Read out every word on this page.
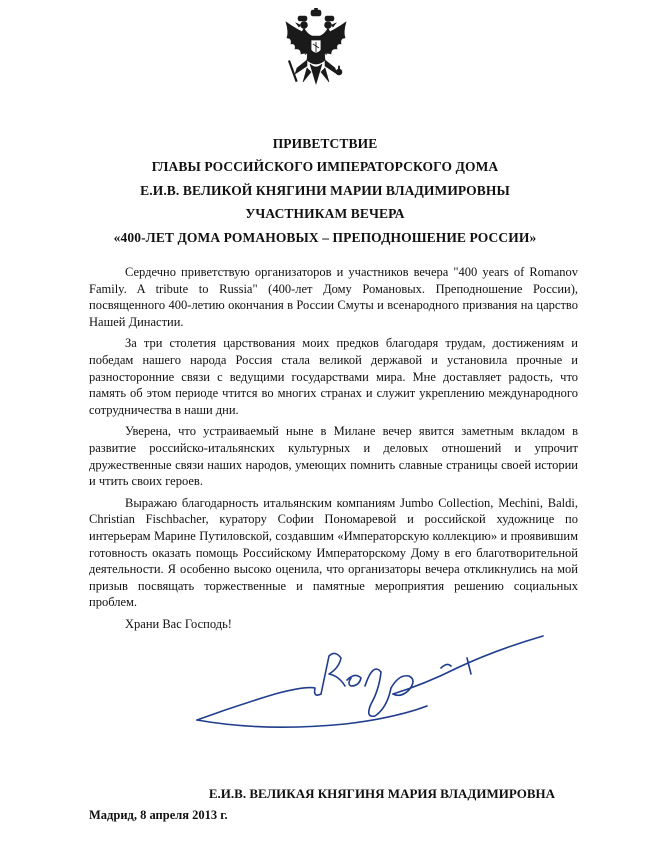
ПРИВЕТСТВИЕ
ГЛАВЫ РОССИЙСКОГО ИМПЕРАТОРСКОГО ДОМА
Е.И.В. ВЕЛИКОЙ КНЯГИНИ МАРИИ ВЛАДИМИРОВНЫ
УЧАСТНИКАМ ВЕЧЕРА
«400-ЛЕТ ДОМА РОМАНОВЫХ – ПРЕПОДНОШЕНИЕ РОССИИ»

Сердечно приветствую организаторов и участников вечера "400 years of Romanov Family. A tribute to Russia" (400-лет Дому Романовых. Преподношение России), посвященного 400-летию окончания в России Смуты и всенародного призвания на царство Нашей Династии.

За три столетия царствования моих предков благодаря трудам, достижениям и победам нашего народа Россия стала великой державой и установила прочные и разносторонние связи с ведущими государствами мира. Мне доставляет радость, что память об этом периоде чтится во многих странах и служит укреплению международного сотрудничества в наши дни.

Уверена, что устраиваемый ныне в Милане вечер явится заметным вкладом в развитие российско-итальянских культурных и деловых отношений и упрочит дружественные связи наших народов, умеющих помнить славные страницы своей истории и чтить своих героев.

Выражаю благодарность итальянским компаниям Jumbo Collection, Mechini, Baldi, Christian Fischbacher, куратору Софии Пономаревой и российской художнице по интерьерам Марине Путиловской, создавшим «Императорскую коллекцию» и проявившим готовность оказать помощь Российскому Императорскому Дому в его благотворительной деятельности. Я особенно высоко оценила, что организаторы вечера откликнулись на мой призыв посвящать торжественные и памятные мероприятия решению социальных проблем.

Храни Вас Господь!
Е.И.В. ВЕЛИКАЯ КНЯГИНЯ МАРИЯ ВЛАДИМИРОВНА
Мадрид, 8 апреля 2013 г.
